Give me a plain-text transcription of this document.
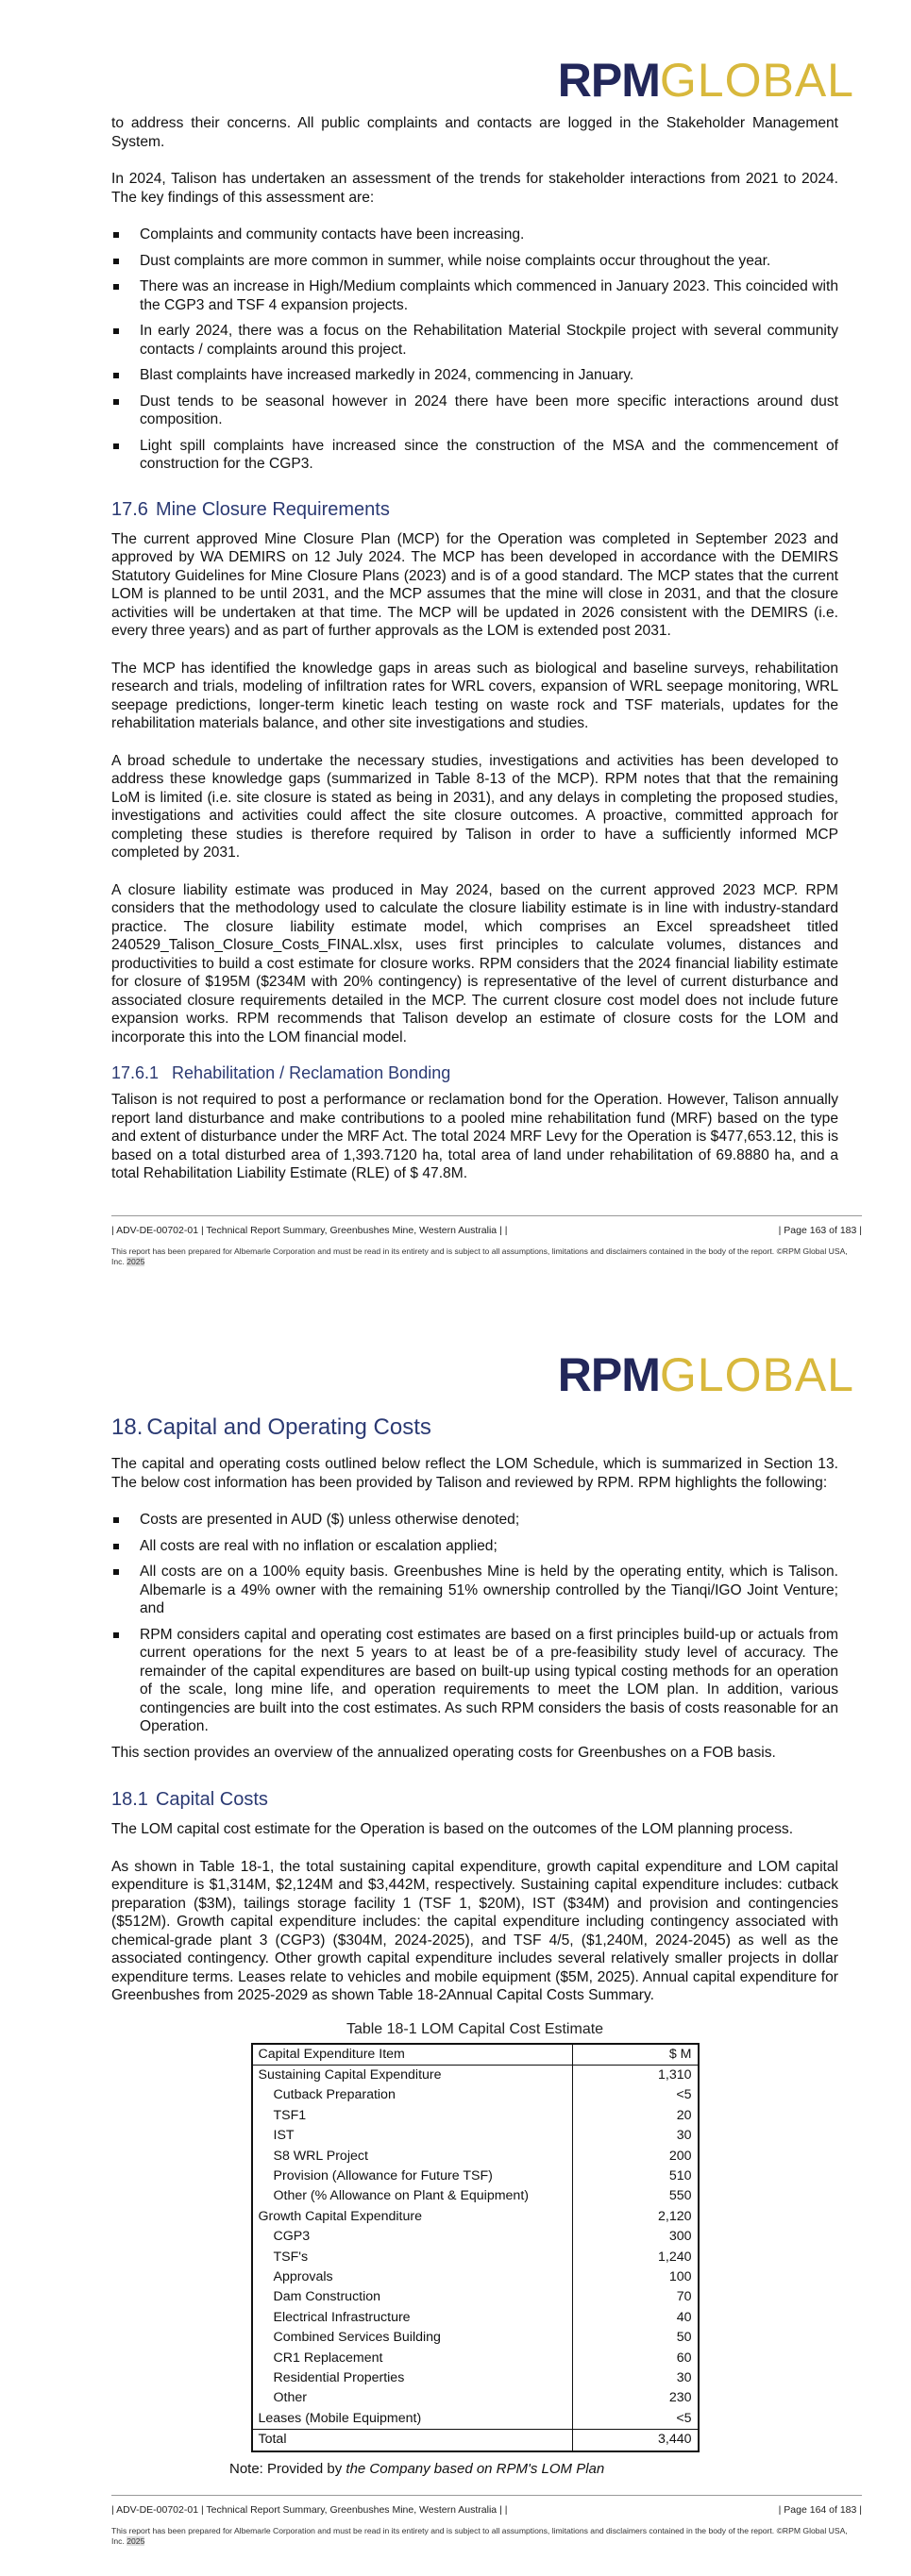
RPMGLOBAL

to address their concerns. All public complaints and contacts are logged in the Stakeholder Management System.

In 2024, Talison has undertaken an assessment of the trends for stakeholder interactions from 2021 to 2024. The key findings of this assessment are:

Complaints and community contacts have been increasing.
Dust complaints are more common in summer, while noise complaints occur throughout the year.
There was an increase in High/Medium complaints which commenced in January 2023. This coincided with the CGP3 and TSF 4 expansion projects.
In early 2024, there was a focus on the Rehabilitation Material Stockpile project with several community contacts / complaints around this project.
Blast complaints have increased markedly in 2024, commencing in January.
Dust tends to be seasonal however in 2024 there have been more specific interactions around dust composition.
Light spill complaints have increased since the construction of the MSA and the commencement of construction for the CGP3.
17.6 Mine Closure Requirements

The current approved Mine Closure Plan (MCP) for the Operation was completed in September 2023 and approved by WA DEMIRS on 12 July 2024. The MCP has been developed in accordance with the DEMIRS Statutory Guidelines for Mine Closure Plans (2023) and is of a good standard. The MCP states that the current LOM is planned to be until 2031, and the MCP assumes that the mine will close in 2031, and that the closure activities will be undertaken at that time. The MCP will be updated in 2026 consistent with the DEMIRS (i.e. every three years) and as part of further approvals as the LOM is extended post 2031.

The MCP has identified the knowledge gaps in areas such as biological and baseline surveys, rehabilitation research and trials, modeling of infiltration rates for WRL covers, expansion of WRL seepage monitoring, WRL seepage predictions, longer-term kinetic leach testing on waste rock and TSF materials, updates for the rehabilitation materials balance, and other site investigations and studies.

A broad schedule to undertake the necessary studies, investigations and activities has been developed to address these knowledge gaps (summarized in Table 8-13 of the MCP). RPM notes that that the remaining LoM is limited (i.e. site closure is stated as being in 2031), and any delays in completing the proposed studies, investigations and activities could affect the site closure outcomes. A proactive, committed approach for completing these studies is therefore required by Talison in order to have a sufficiently informed MCP completed by 2031.

A closure liability estimate was produced in May 2024, based on the current approved 2023 MCP. RPM considers that the methodology used to calculate the closure liability estimate is in line with industry-standard practice. The closure liability estimate model, which comprises an Excel spreadsheet titled 240529_Talison_Closure_Costs_FINAL.xlsx, uses first principles to calculate volumes, distances and productivities to build a cost estimate for closure works. RPM considers that the 2024 financial liability estimate for closure of $195M ($234M with 20% contingency) is representative of the level of current disturbance and associated closure requirements detailed in the MCP. The current closure cost model does not include future expansion works. RPM recommends that Talison develop an estimate of closure costs for the LOM and incorporate this into the LOM financial model.

17.6.1 Rehabilitation / Reclamation Bonding

Talison is not required to post a performance or reclamation bond for the Operation. However, Talison annually report land disturbance and make contributions to a pooled mine rehabilitation fund (MRF) based on the type and extent of disturbance under the MRF Act. The total 2024 MRF Levy for the Operation is $477,653.12, this is based on a total disturbed area of 1,393.7120 ha, total area of land under rehabilitation of 69.8880 ha, and a total Rehabilitation Liability Estimate (RLE) of $ 47.8M.

| ADV-DE-00702-01 | Technical Report Summary, Greenbushes Mine, Western Australia | |	| Page 163 of 183 |
This report has been prepared for Albemarle Corporation and must be read in its entirety and is subject to all assumptions, limitations and disclaimers contained in the body of the report. ©RPM Global USA, Inc. 2025
RPMGLOBAL
18. Capital and Operating Costs

The capital and operating costs outlined below reflect the LOM Schedule, which is summarized in Section 13. The below cost information has been provided by Talison and reviewed by RPM. RPM highlights the following:

Costs are presented in AUD ($) unless otherwise denoted;
All costs are real with no inflation or escalation applied;
All costs are on a 100% equity basis. Greenbushes Mine is held by the operating entity, which is Talison. Albemarle is a 49% owner with the remaining 51% ownership controlled by the Tianqi/IGO Joint Venture; and
RPM considers capital and operating cost estimates are based on a first principles build-up or actuals from current operations for the next 5 years to at least be of a pre-feasibility study level of accuracy. The remainder of the capital expenditures are based on built-up using typical costing methods for an operation of the scale, long mine life, and operation requirements to meet the LOM plan. In addition, various contingencies are built into the cost estimates. As such RPM considers the basis of costs reasonable for an Operation.

This section provides an overview of the annualized operating costs for Greenbushes on a FOB basis.

18.1 Capital Costs

The LOM capital cost estimate for the Operation is based on the outcomes of the LOM planning process.

As shown in Table 18-1, the total sustaining capital expenditure, growth capital expenditure and LOM capital expenditure is $1,314M, $2,124M and $3,442M, respectively. Sustaining capital expenditure includes: cutback preparation ($3M), tailings storage facility 1 (TSF 1, $20M), IST ($34M) and provision and contingencies ($512M). Growth capital expenditure includes: the capital expenditure including contingency associated with chemical-grade plant 3 (CGP3) ($304M, 2024-2025), and TSF 4/5, ($1,240M, 2024-2045) as well as the associated contingency. Other growth capital expenditure includes several relatively smaller projects in dollar expenditure terms. Leases relate to vehicles and mobile equipment ($5M, 2025). Annual capital expenditure for Greenbushes from 2025-2029 as shown Table 18-2Annual Capital Costs Summary.

Table 18-1 LOM Capital Cost Estimate
Capital Expenditure Item	$ M
Sustaining Capital Expenditure	1,310
Cutback Preparation	<5
TSF1	20
IST	30
S8 WRL Project	200
Provision (Allowance for Future TSF)	510
Other (% Allowance on Plant & Equipment)	550
Growth Capital Expenditure	2,120
CGP3	300
TSF's	1,240
Approvals	100
Dam Construction	70
Electrical Infrastructure	40
Combined Services Building	50
CR1 Replacement	60
Residential Properties	30
Other	230
Leases (Mobile Equipment)	<5
Total	3,440
Note: Provided by the Company based on RPM's LOM Plan
| ADV-DE-00702-01 | Technical Report Summary, Greenbushes Mine, Western Australia | |	| Page 164 of 183 |
This report has been prepared for Albemarle Corporation and must be read in its entirety and is subject to all assumptions, limitations and disclaimers contained in the body of the report. ©RPM Global USA, Inc. 2025
